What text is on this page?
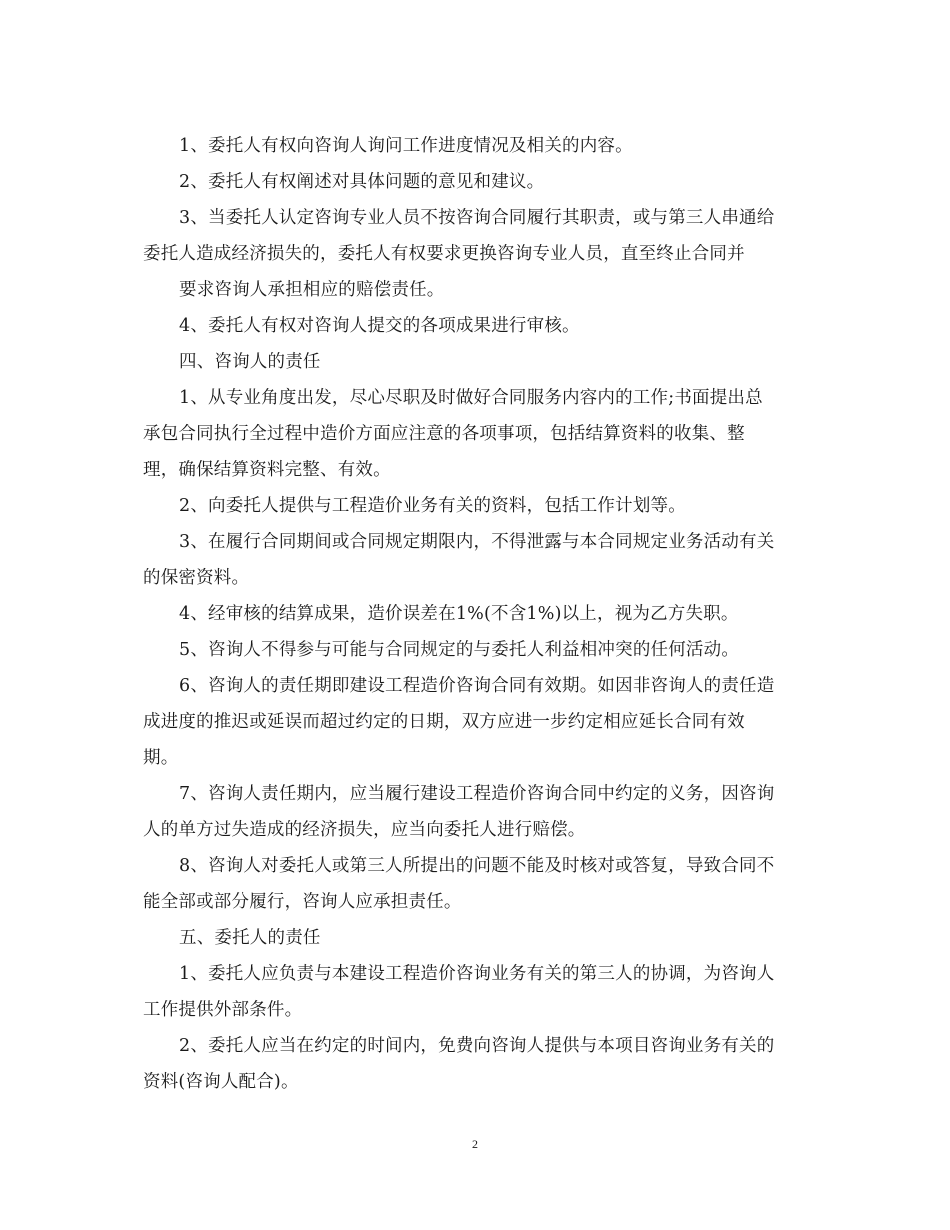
1、委托人有权向咨询人询问工作进度情况及相关的内容。
2、委托人有权阐述对具体问题的意见和建议。
3、当委托人认定咨询专业人员不按咨询合同履行其职责，或与第三人串通给
委托人造成经济损失的，委托人有权要求更换咨询专业人员，直至终止合同并
要求咨询人承担相应的赔偿责任。
4、委托人有权对咨询人提交的各项成果进行审核。
四、咨询人的责任
1、从专业角度出发，尽心尽职及时做好合同服务内容内的工作;书面提出总
承包合同执行全过程中造价方面应注意的各项事项，包括结算资料的收集、整
理，确保结算资料完整、有效。
2、向委托人提供与工程造价业务有关的资料，包括工作计划等。
3、在履行合同期间或合同规定期限内，不得泄露与本合同规定业务活动有关
的保密资料。
4、经审核的结算成果，造价误差在1%(不含1%)以上，视为乙方失职。
5、咨询人不得参与可能与合同规定的与委托人利益相冲突的任何活动。
6、咨询人的责任期即建设工程造价咨询合同有效期。如因非咨询人的责任造
成进度的推迟或延误而超过约定的日期，双方应进一步约定相应延长合同有效
期。
7、咨询人责任期内，应当履行建设工程造价咨询合同中约定的义务，因咨询
人的单方过失造成的经济损失，应当向委托人进行赔偿。
8、咨询人对委托人或第三人所提出的问题不能及时核对或答复，导致合同不
能全部或部分履行，咨询人应承担责任。
五、委托人的责任
1、委托人应负责与本建设工程造价咨询业务有关的第三人的协调，为咨询人
工作提供外部条件。
2、委托人应当在约定的时间内，免费向咨询人提供与本项目咨询业务有关的
资料(咨询人配合)。
2
